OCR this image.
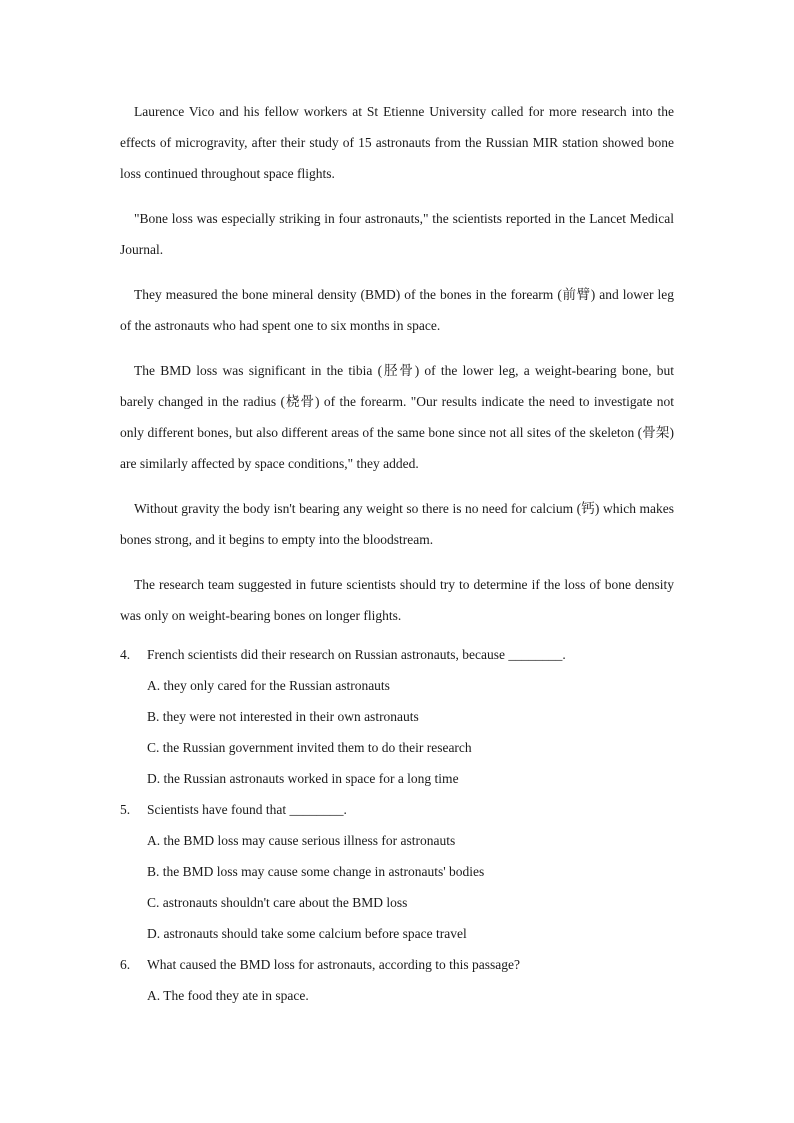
Laurence Vico and his fellow workers at St Etienne University called for more research into the effects of microgravity, after their study of 15 astronauts from the Russian MIR station showed bone loss continued throughout space flights.

"Bone loss was especially striking in four astronauts," the scientists reported in the Lancet Medical Journal.

They measured the bone mineral density (BMD) of the bones in the forearm (前臂) and lower leg of the astronauts who had spent one to six months in space.

The BMD loss was significant in the tibia (胫骨) of the lower leg, a weight-bearing bone, but barely changed in the radius (桡骨) of the forearm. "Our results indicate the need to investigate not only different bones, but also different areas of the same bone since not all sites of the skeleton (骨架) are similarly affected by space conditions," they added.

Without gravity the body isn't bearing any weight so there is no need for calcium (钙) which makes bones strong, and it begins to empty into the bloodstream.

The research team suggested in future scientists should try to determine if the loss of bone density was only on weight-bearing bones on longer flights.

4.	French scientists did their research on Russian astronauts, because ________.
A. they only cared for the Russian astronauts
B. they were not interested in their own astronauts
C. the Russian government invited them to do their research
D. the Russian astronauts worked in space for a long time
5.	Scientists have found that ________.
A. the BMD loss may cause serious illness for astronauts
B. the BMD loss may cause some change in astronauts' bodies
C. astronauts shouldn't care about the BMD loss
D. astronauts should take some calcium before space travel
6.	What caused the BMD loss for astronauts, according to this passage?
A. The food they ate in space.
